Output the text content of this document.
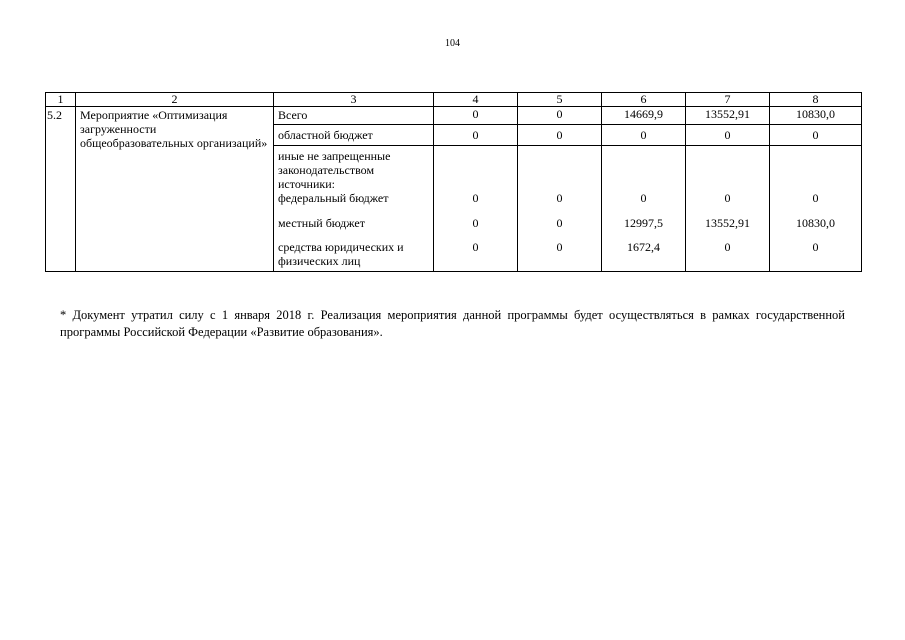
104
1	2	3	4	5	6	7	8
5.2	Мероприятие «Оптимизация загруженности общеобразовательных организаций»	Всего	0	0	14669,9	13552,91	10830,0
		областной бюджет	0	0	0	0	0
		иные не запрещенные законодательством источники:					
		федеральный бюджет	0	0	0	0	0
		местный бюджет	0	0	12997,5	13552,91	10830,0
		средства юридических и физических лиц	0	0	1672,4	0	0
* Документ утратил силу с 1 января 2018 г. Реализация мероприятия данной программы будет осуществляться в рамках государственной программы Российской Федерации «Развитие образования».
